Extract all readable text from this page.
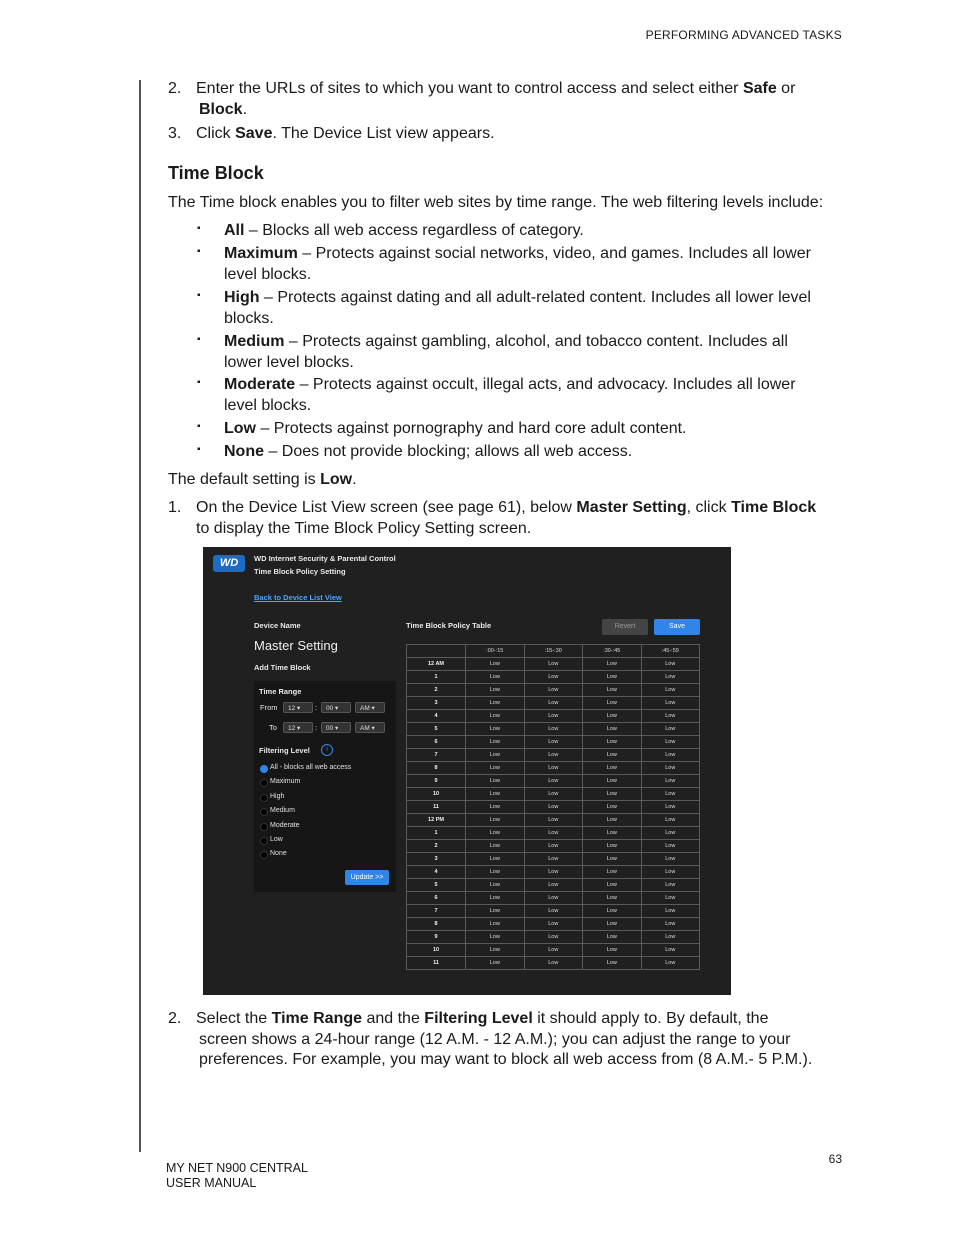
PERFORMING ADVANCED TASKS
2. Enter the URLs of sites to which you want to control access and select either Safe or
Block.
3. Click Save. The Device List view appears.
Time Block
The Time block enables you to filter web sites by time range. The web filtering levels include:
▪ All – Blocks all web access regardless of category.
▪ Maximum – Protects against social networks, video, and games. Includes all lower
level blocks.
▪ High – Protects against dating and all adult-related content. Includes all lower level
blocks.
▪ Medium – Protects against gambling, alcohol, and tobacco content. Includes all
lower level blocks.
▪ Moderate – Protects against occult, illegal acts, and advocacy. Includes all lower
level blocks.
▪ Low – Protects against pornography and hard core adult content.
▪ None – Does not provide blocking; allows all web access.
The default setting is Low.
1. On the Device List View screen (see page 61), below Master Setting, click Time Block
to display the Time Block Policy Setting screen.
WD	WD Internet Security & Parental Control
Time Block Policy Setting
Back to Device List View
Device Name
Master Setting
Add Time Block
Time Range
From	12 ▾	:	00 ▾	AM ▾
To	12 ▾	:	00 ▾	AM ▾
Filtering Level	i
All - blocks all web access
Maximum
High
Medium
Moderate
Low
None
Update >>
Time Block Policy Table	Revert	Save
	:00-:15	:15-:30	:30-:45	:45-:59
12 AM	Low	Low	Low	Low
1	Low	Low	Low	Low
2	Low	Low	Low	Low
3	Low	Low	Low	Low
4	Low	Low	Low	Low
5	Low	Low	Low	Low
6	Low	Low	Low	Low
7	Low	Low	Low	Low
8	Low	Low	Low	Low
9	Low	Low	Low	Low
10	Low	Low	Low	Low
11	Low	Low	Low	Low
12 PM	Low	Low	Low	Low
1	Low	Low	Low	Low
2	Low	Low	Low	Low
3	Low	Low	Low	Low
4	Low	Low	Low	Low
5	Low	Low	Low	Low
6	Low	Low	Low	Low
7	Low	Low	Low	Low
8	Low	Low	Low	Low
9	Low	Low	Low	Low
10	Low	Low	Low	Low
11	Low	Low	Low	Low
2. Select the Time Range and the Filtering Level it should apply to. By default, the
screen shows a 24-hour range (12 A.M. - 12 A.M.); you can adjust the range to your
preferences. For example, you may want to block all web access from (8 A.M.- 5 P.M.).
63
MY NET N900 CENTRAL
USER MANUAL
